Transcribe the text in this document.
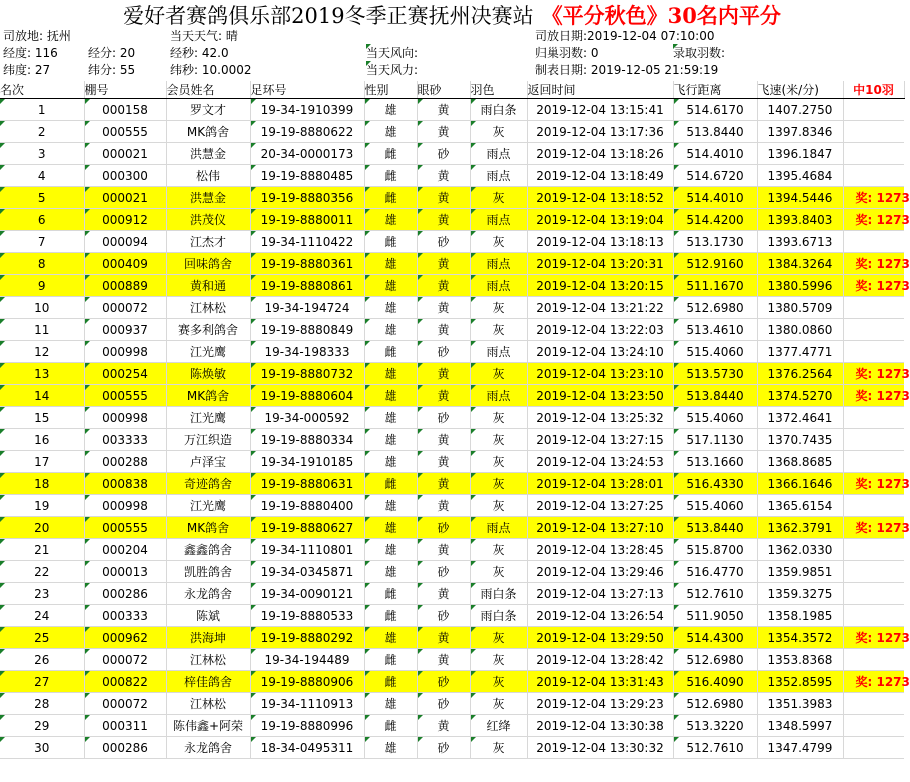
爱好者赛鸽俱乐部2019冬季正赛抚州决赛站 《平分秋色》30名内平分
司放地: 抚州	当天天气: 晴	司放日期:2019-12-04 07:10:00
经度: 116	经分: 20	经秒: 42.0	当天风向:	归巢羽数: 0	录取羽数:
纬度: 27	纬分: 55	纬秒: 10.0002	当天风力:	制表日期: 2019-12-05 21:59:19
名次	棚号	会员姓名	足环号	性别	眼砂	羽色	返回时间	飞行距离	飞速(米/分)	中10羽
1	000158	罗文才	19-34-1910399	雄	黄	雨白条	2019-12-04 13:15:41	514.6170	1407.2750	
2	000555	MK鸽舍	19-19-8880622	雄	黄	灰	2019-12-04 13:17:36	513.8440	1397.8346	
3	000021	洪慧金	20-34-0000173	雌	砂	雨点	2019-12-04 13:18:26	514.4010	1396.1847	
4	000300	松伟	19-19-8880485	雌	黄	雨点	2019-12-04 13:18:49	514.6720	1395.4684	
5	000021	洪慧金	19-19-8880356	雌	黄	灰	2019-12-04 13:18:52	514.4010	1394.5446	奖: 1273
6	000912	洪茂仪	19-19-8880011	雄	黄	雨点	2019-12-04 13:19:04	514.4200	1393.8403	奖: 1273
7	000094	江杰才	19-34-1110422	雌	砂	灰	2019-12-04 13:18:13	513.1730	1393.6713	
8	000409	回味鸽舍	19-19-8880361	雄	黄	雨点	2019-12-04 13:20:31	512.9160	1384.3264	奖: 1273
9	000889	黄和通	19-19-8880861	雄	黄	雨点	2019-12-04 13:20:15	511.1670	1380.5996	奖: 1273
10	000072	江林松	19-34-194724	雄	黄	灰	2019-12-04 13:21:22	512.6980	1380.5709	
11	000937	赛多利鸽舍	19-19-8880849	雄	黄	灰	2019-12-04 13:22:03	513.4610	1380.0860	
12	000998	江光鹰	19-34-198333	雌	砂	雨点	2019-12-04 13:24:10	515.4060	1377.4771	
13	000254	陈焕敏	19-19-8880732	雄	黄	灰	2019-12-04 13:23:10	513.5730	1376.2564	奖: 1273
14	000555	MK鸽舍	19-19-8880604	雄	黄	雨点	2019-12-04 13:23:50	513.8440	1374.5270	奖: 1273
15	000998	江光鹰	19-34-000592	雄	砂	灰	2019-12-04 13:25:32	515.4060	1372.4641	
16	003333	万江织造	19-19-8880334	雄	黄	灰	2019-12-04 13:27:15	517.1130	1370.7435	
17	000288	卢泽宝	19-34-1910185	雄	黄	灰	2019-12-04 13:24:53	513.1660	1368.8685	
18	000838	奇迹鸽舍	19-19-8880631	雌	黄	灰	2019-12-04 13:28:01	516.4330	1366.1646	奖: 1273
19	000998	江光鹰	19-19-8880400	雄	黄	灰	2019-12-04 13:27:25	515.4060	1365.6154	
20	000555	MK鸽舍	19-19-8880627	雄	砂	雨点	2019-12-04 13:27:10	513.8440	1362.3791	奖: 1273
21	000204	鑫鑫鸽舍	19-34-1110801	雄	黄	灰	2019-12-04 13:28:45	515.8700	1362.0330	
22	000013	凯胜鸽舍	19-34-0345871	雄	砂	灰	2019-12-04 13:29:46	516.4770	1359.9851	
23	000286	永龙鸽舍	19-34-0090121	雌	黄	雨白条	2019-12-04 13:27:13	512.7610	1359.3275	
24	000333	陈斌	19-19-8880533	雌	砂	雨白条	2019-12-04 13:26:54	511.9050	1358.1985	
25	000962	洪海坤	19-19-8880292	雄	黄	灰	2019-12-04 13:29:50	514.4300	1354.3572	奖: 1273
26	000072	江林松	19-34-194489	雌	黄	灰	2019-12-04 13:28:42	512.6980	1353.8368	
27	000822	梓佳鸽舍	19-19-8880906	雌	砂	灰	2019-12-04 13:31:43	516.4090	1352.8595	奖: 1273
28	000072	江林松	19-34-1110913	雄	砂	灰	2019-12-04 13:29:23	512.6980	1351.3983	
29	000311	陈伟鑫+阿荣	19-19-8880996	雌	黄	红绛	2019-12-04 13:30:38	513.3220	1348.5997	
30	000286	永龙鸽舍	18-34-0495311	雄	砂	灰	2019-12-04 13:30:32	512.7610	1347.4799	
